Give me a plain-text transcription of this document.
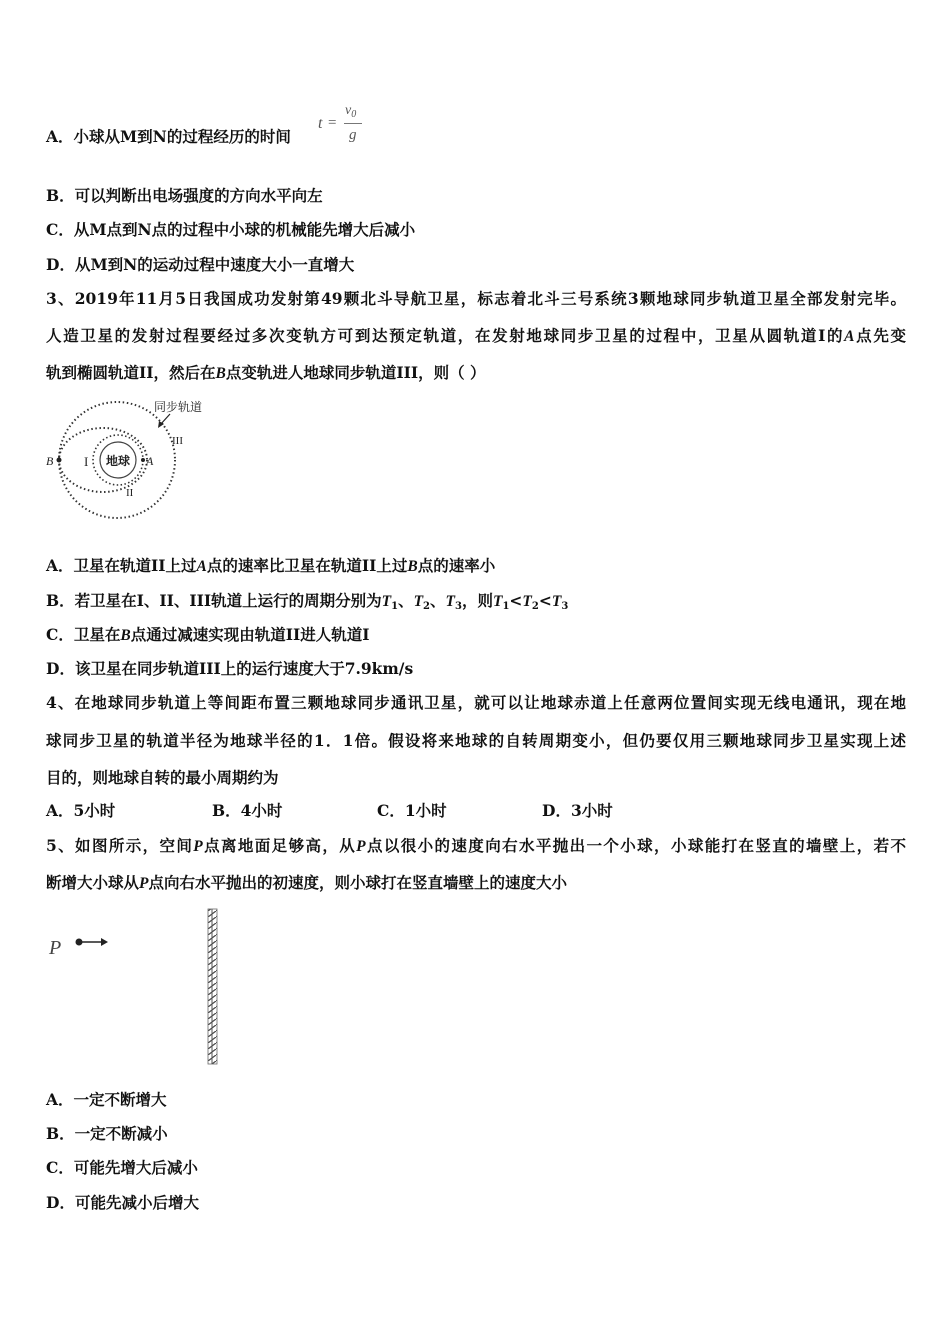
A．小球从M到N的过程经历的时间
t =
$v_0$
g
B．可以判断出电场强度的方向水平向左
C．从M点到N点的过程中小球的机械能先增大后减小
D．从M到N的运动过程中速度大小一直增大
3、2019年11月5日我国成功发射第49颗北斗导航卫星，标志着北斗三号系统3颗地球同步轨道卫星全部发射完毕。
人造卫星的发射过程要经过多次变轨方可到达预定轨道，在发射地球同步卫星的过程中，卫星从圆轨道I的A点先变
轨到椭圆轨道II，然后在B点变轨进人地球同步轨道III，则（ ）
地球
B	A
I
II
III
同步轨道
A．卫星在轨道II上过A点的速率比卫星在轨道II上过B点的速率小
B．若卫星在I、II、III轨道上运行的周期分别为$T_1$、$T_2$、$T_3$，则$T_1<T_2<T_3$
C．卫星在B点通过减速实现由轨道II进人轨道I
D．该卫星在同步轨道III上的运行速度大于7.9km/s
4、在地球同步轨道上等间距布置三颗地球同步通讯卫星，就可以让地球赤道上任意两位置间实现无线电通讯，现在地
球同步卫星的轨道半径为地球半径的1．1倍。假设将来地球的自转周期变小，但仍要仅用三颗地球同步卫星实现上述
目的，则地球自转的最小周期约为
A．5小时	B．4小时	C．1小时	D．3小时
5、如图所示，空间P点离地面足够高，从P点以很小的速度向右水平抛出一个小球，小球能打在竖直的墙壁上，若不
断增大小球从P点向右水平抛出的初速度，则小球打在竖直墙壁上的速度大小
P
A．一定不断增大
B．一定不断减小
C．可能先增大后减小
D．可能先减小后增大
